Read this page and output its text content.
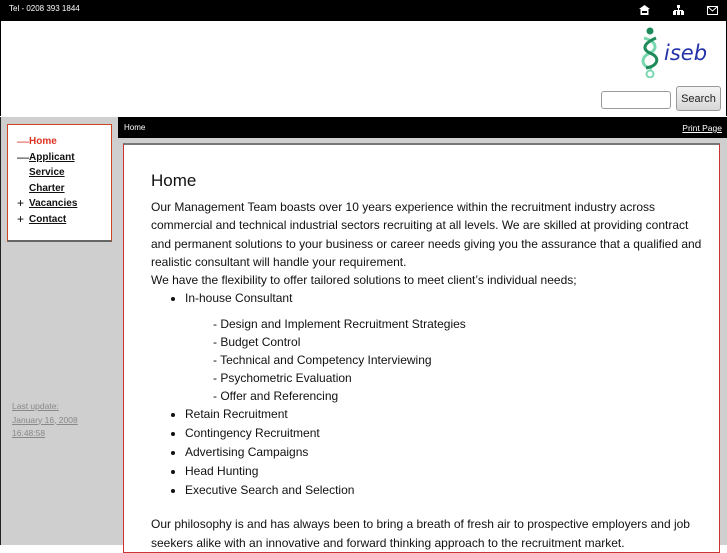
Tel - 0208 393 1844
iseb
Search
— Home
— Applicant
Service
Charter
+ Vacancies
+ Contact
Last update:
January 16, 2008
16:48:58
Home	Print Page
Home

Our Management Team boasts over 10 years experience within the recruitment industry across commercial and technical industrial sectors recruiting at all levels. We are skilled at providing contract and permanent solutions to your business or career needs giving you the assurance that a qualified and realistic consultant will handle your requirement.

We have the flexibility to offer tailored solutions to meet client’s individual needs;

• In-house Consultant
- Design and Implement Recruitment Strategies
- Budget Control
- Technical and Competency Interviewing
- Psychometric Evaluation
- Offer and Referencing
• Retain Recruitment
• Contingency Recruitment
• Advertising Campaigns
• Head Hunting
• Executive Search and Selection

Our philosophy is and has always been to bring a breath of fresh air to prospective employers and job seekers alike with an innovative and forward thinking approach to the recruitment market.
